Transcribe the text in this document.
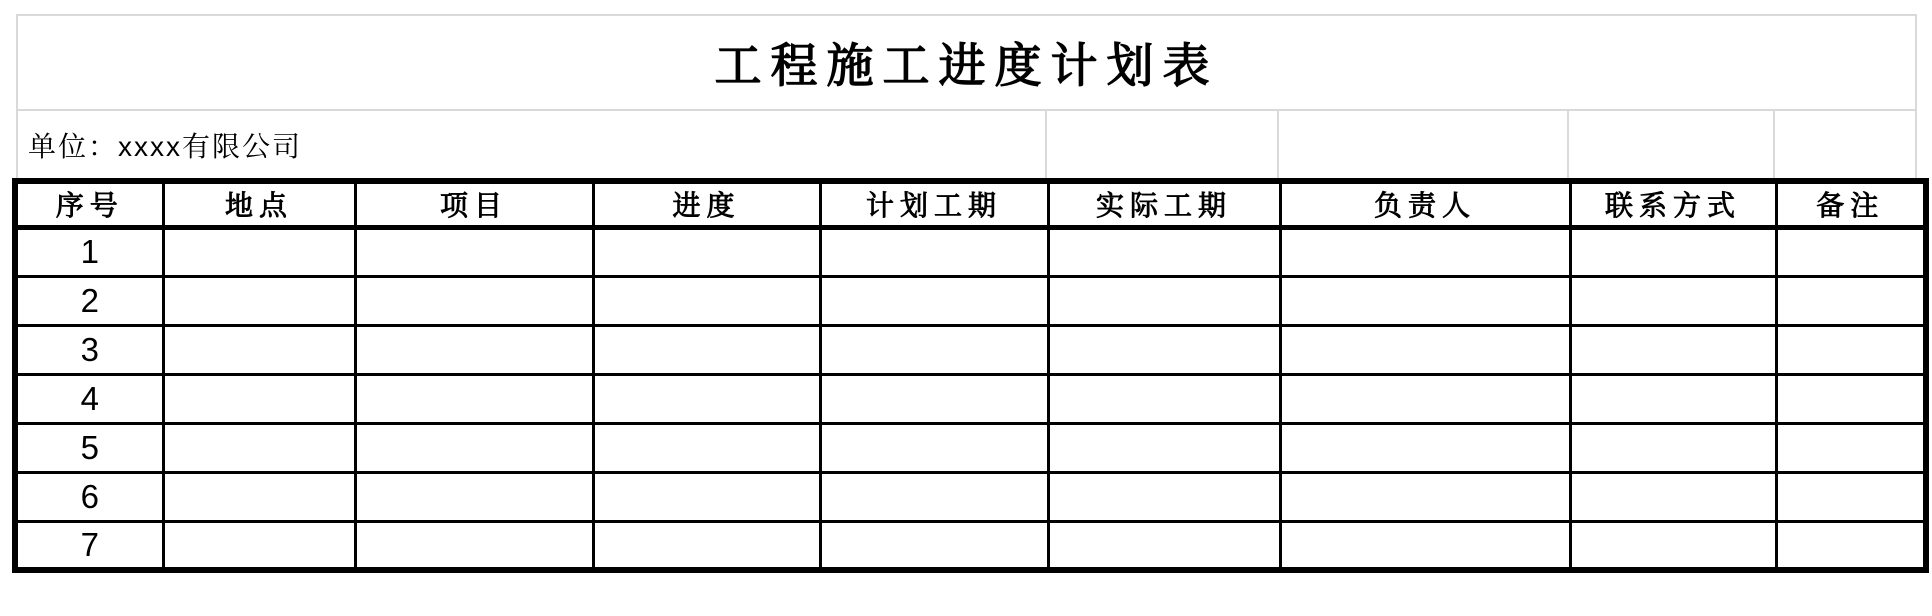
工程施工进度计划表
单位：xxxx有限公司
序号	地点	项目	进度	计划工期	实际工期	负责人	联系方式	备注
1								
2								
3								
4								
5								
6								
7								
